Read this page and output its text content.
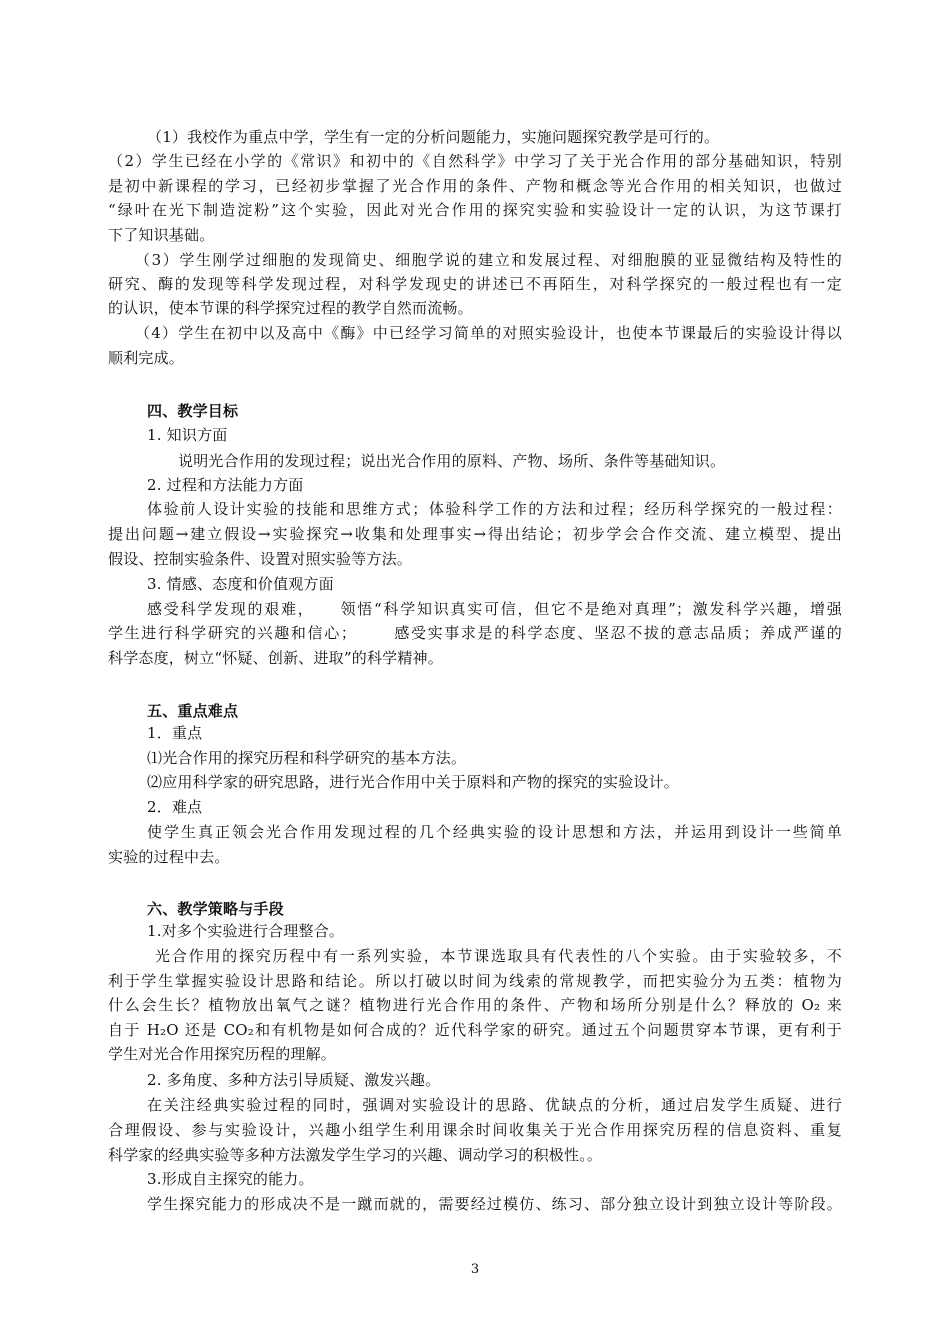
（1）我校作为重点中学，学生有一定的分析问题能力，实施问题探究教学是可行的。
（2）学生已经在小学的《常识》和初中的《自然科学》中学习了关于光合作用的部分基础知识，特别
是初中新课程的学习，已经初步掌握了光合作用的条件、产物和概念等光合作用的相关知识，也做过
“绿叶在光下制造淀粉”这个实验，因此对光合作用的探究实验和实验设计一定的认识，为这节课打
下了知识基础。
（3）学生刚学过细胞的发现简史、细胞学说的建立和发展过程、对细胞膜的亚显微结构及特性的
研究、酶的发现等科学发现过程，对科学发现史的讲述已不再陌生，对科学探究的一般过程也有一定
的认识，使本节课的科学探究过程的教学自然而流畅。
（4）学生在初中以及高中《酶》中已经学习简单的对照实验设计，也使本节课最后的实验设计得以
顺利完成。
四、教学目标
1. 知识方面
说明光合作用的发现过程；说出光合作用的原料、产物、场所、条件等基础知识。
2. 过程和方法能力方面
体验前人设计实验的技能和思维方式；体验科学工作的方法和过程；经历科学探究的一般过程：
提出问题→建立假设→实验探究→收集和处理事实→得出结论；初步学会合作交流、建立模型、提出
假设、控制实验条件、设置对照实验等方法。
3. 情感、态度和价值观方面
感受科学发现的艰难，    领悟“科学知识真实可信，但它不是绝对真理”；激发科学兴趣，增强
学生进行科学研究的兴趣和信心；      感受实事求是的科学态度、坚忍不拔的意志品质；养成严谨的
科学态度，树立“怀疑、创新、进取”的科学精神。
五、重点难点
1．重点
⑴光合作用的探究历程和科学研究的基本方法。
⑵应用科学家的研究思路，进行光合作用中关于原料和产物的探究的实验设计。
2．难点
使学生真正领会光合作用发现过程的几个经典实验的设计思想和方法，并运用到设计一些简单
实验的过程中去。
六、教学策略与手段
1.对多个实验进行合理整合。
光合作用的探究历程中有一系列实验，本节课选取具有代表性的八个实验。由于实验较多，不
利于学生掌握实验设计思路和结论。所以打破以时间为线索的常规教学，而把实验分为五类：植物为
什么会生长？植物放出氧气之谜？植物进行光合作用的条件、产物和场所分别是什么？释放的 O₂ 来
自于 H₂O 还是 CO₂和有机物是如何合成的？近代科学家的研究。通过五个问题贯穿本节课，更有利于
学生对光合作用探究历程的理解。
2. 多角度、多种方法引导质疑、激发兴趣。
在关注经典实验过程的同时，强调对实验设计的思路、优缺点的分析，通过启发学生质疑、进行
合理假设、参与实验设计，兴趣小组学生利用课余时间收集关于光合作用探究历程的信息资料、重复
科学家的经典实验等多种方法激发学生学习的兴趣、调动学习的积极性。。
3.形成自主探究的能力。
学生探究能力的形成决不是一蹴而就的，需要经过模仿、练习、部分独立设计到独立设计等阶段。
3
